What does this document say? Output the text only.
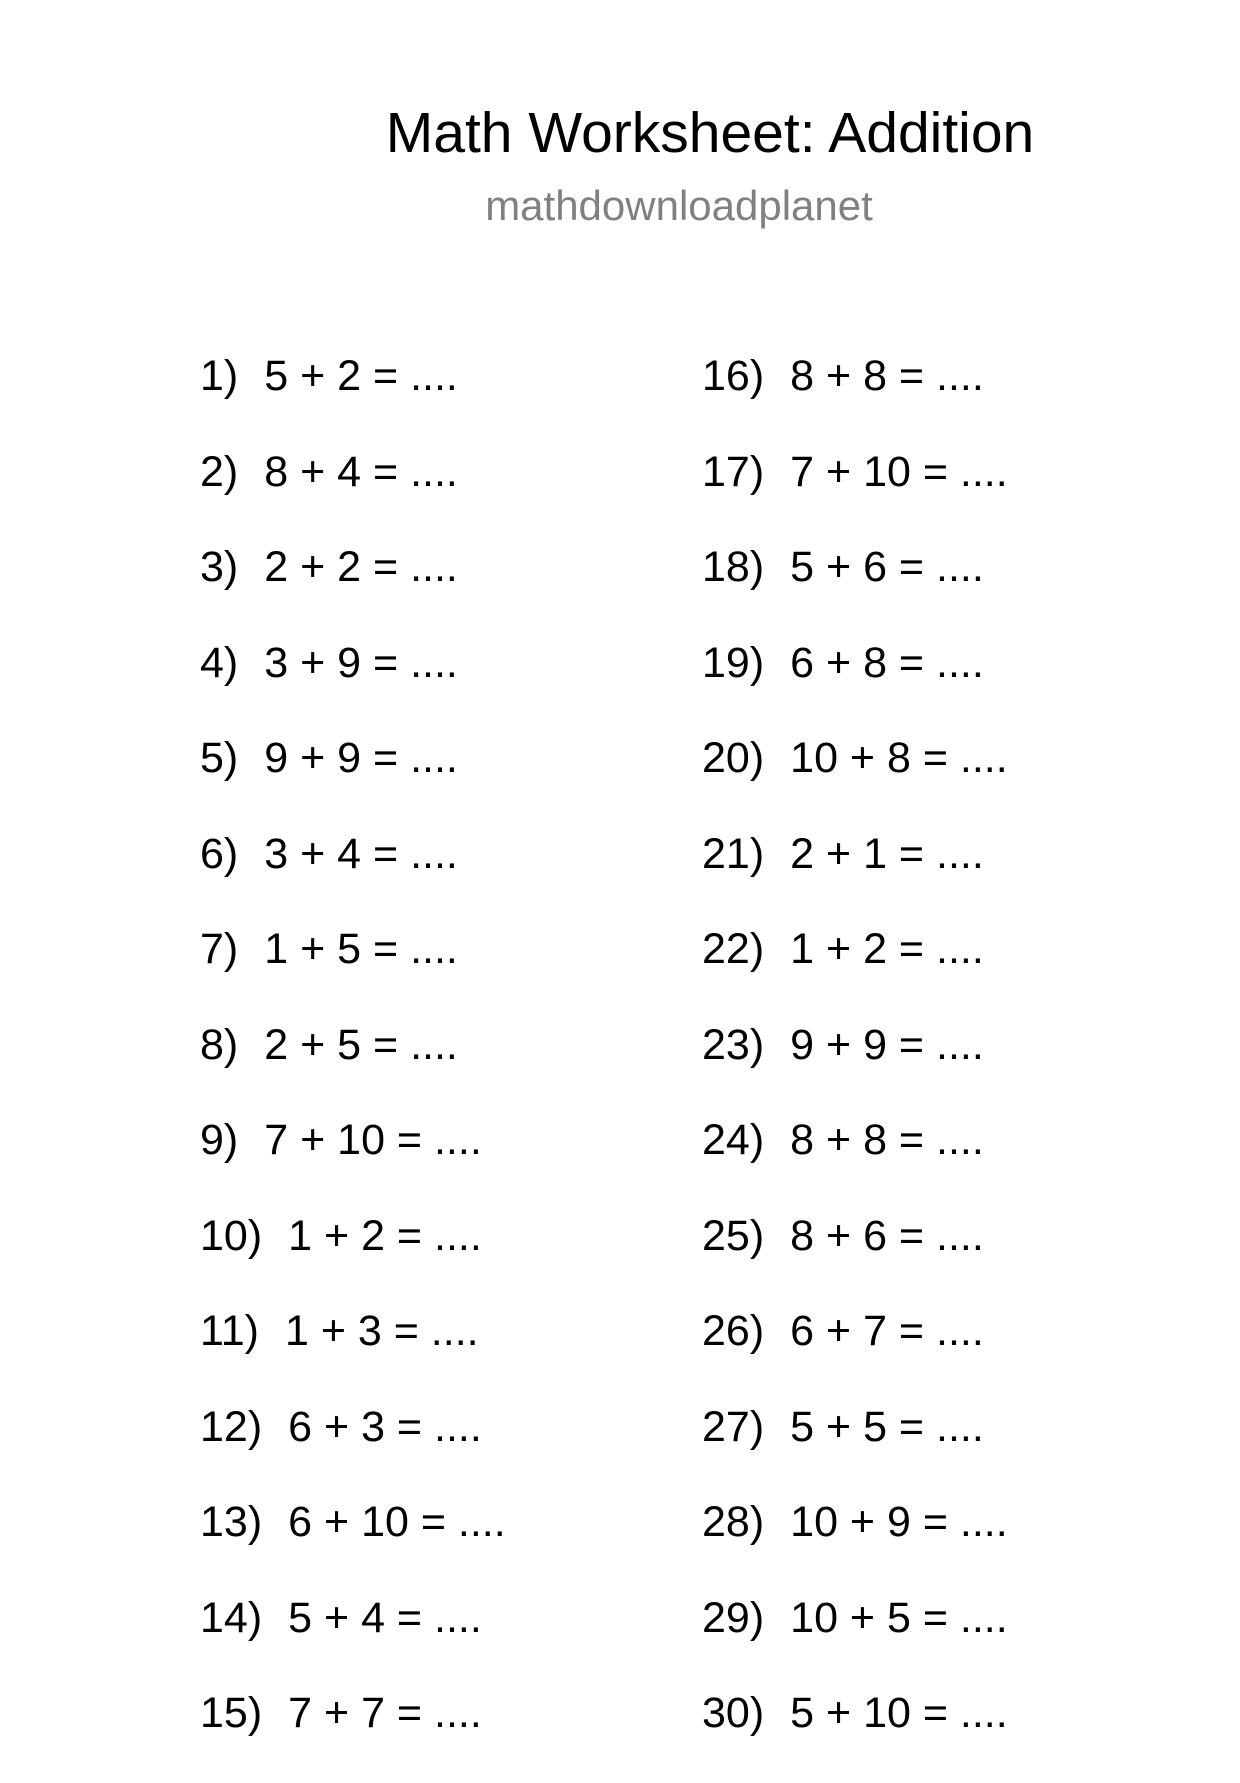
Math Worksheet: Addition
mathdownloadplanet
1) 5 + 2 = ....
2) 8 + 4 = ....
3) 2 + 2 = ....
4) 3 + 9 = ....
5) 9 + 9 = ....
6) 3 + 4 = ....
7) 1 + 5 = ....
8) 2 + 5 = ....
9) 7 + 10 = ....
10) 1 + 2 = ....
11) 1 + 3 = ....
12) 6 + 3 = ....
13) 6 + 10 = ....
14) 5 + 4 = ....
15) 7 + 7 = ....
16) 8 + 8 = ....
17) 7 + 10 = ....
18) 5 + 6 = ....
19) 6 + 8 = ....
20) 10 + 8 = ....
21) 2 + 1 = ....
22) 1 + 2 = ....
23) 9 + 9 = ....
24) 8 + 8 = ....
25) 8 + 6 = ....
26) 6 + 7 = ....
27) 5 + 5 = ....
28) 10 + 9 = ....
29) 10 + 5 = ....
30) 5 + 10 = ....
